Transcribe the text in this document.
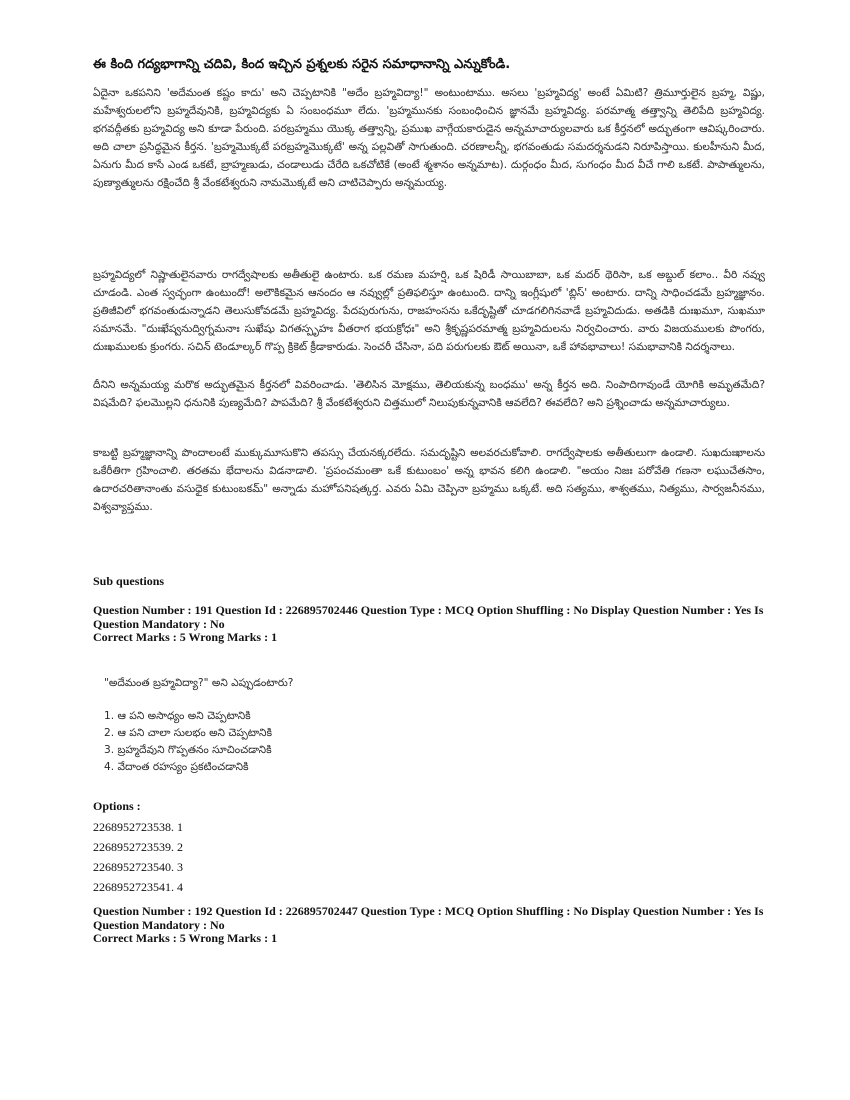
ఈ కింది గద్యభాగాన్ని చదివి, కింద ఇచ్చిన ప్రశ్నలకు సరైన సమాధానాన్ని ఎన్నుకోండి.
ఏదైనా ఒకపనిని 'అదేమంత కష్టం కాదు' అని చెప్పటానికి "అదేం బ్రహ్మవిద్యా!" అంటుంటాము. అసలు 'బ్రహ్మవిద్య' అంటే ఏమిటి? త్రిమూర్తులైన బ్రహ్మ, విష్ణు, మహేశ్వరులలోని బ్రహ్మదేవునికి, బ్రహ్మవిద్యకు ఏ సంబంధమూ లేదు. 'బ్రహ్మమునకు సంబంధించిన జ్ఞానమే బ్రహ్మవిద్య. పరమాత్మ తత్త్వాన్ని తెలిపేది బ్రహ్మవిద్య. భగవద్గీతకు బ్రహ్మవిద్య అని కూడా పేరుంది. పరబ్రహ్మము యొక్క తత్త్వాన్ని, ప్రముఖ వాగ్గేయకారుడైన అన్నమాచార్యులవారు ఒక కీర్తనలో అద్భుతంగా ఆవిష్కరించారు. అది చాలా ప్రసిద్ధమైన కీర్తన. 'బ్రహ్మమొక్కటే పరబ్రహ్మమొక్కటే' అన్న పల్లవితో సాగుతుంది. చరణాలన్నీ, భగవంతుడు సమదర్శనుడని నిరూపిస్తాయి. కులహీనుని మీద, ఏనుగు మీద కాసే ఎండ ఒకటే, బ్రాహ్మణుడు, చండాలుడు చేరేది ఒకచోటికే (అంటే శ్మశానం అన్నమాట). దుర్గంధం మీద, సుగంధం మీద వీచే గాలి ఒకటే. పాపాత్ములను, పుణ్యాత్ములను రక్షించేది శ్రీ వేంకటేశ్వరుని నామమొక్కటే అని చాటిచెప్పారు అన్నమయ్య.
బ్రహ్మవిద్యలో నిష్ణాతులైనవారు రాగద్వేషాలకు అతీతులై ఉంటారు. ఒక రమణ మహర్షి, ఒక షిరిడీ సాయిబాబా, ఒక మదర్ థెరిసా, ఒక అబ్దుల్ కలాం.. వీరి నవ్వు చూడండి. ఎంత స్వచ్ఛంగా ఉంటుందో! అలౌకికమైన ఆనందం ఆ నవ్వుల్లో ప్రతిఫలిస్తూ ఉంటుంది. దాన్ని ఇంగ్లీషులో 'బ్లిస్' అంటారు. దాన్ని సాధించడమే బ్రహ్మజ్ఞానం. ప్రతిజీవిలో భగవంతుడున్నాడని తెలుసుకోవడమే బ్రహ్మవిద్య. పేదపురుగును, రాజహంసను ఒకేదృష్టితో చూడగలిగినవాడే బ్రహ్మవిదుడు. అతడికి దుఃఖమూ, సుఖమూ సమానమే. "దుఃఖేష్వనుద్విగ్నమనాః సుఖేషు విగతస్పృహః వీతరాగ భయక్రోధః" అని శ్రీకృష్ణపరమాత్మ బ్రహ్మవిదులను నిర్వచించారు. వారు విజయములకు పొంగరు, దుఃఖములకు క్రుంగరు. సచిన్ టెండూల్కర్ గొప్ప క్రికెట్ క్రీడాకారుడు. సెంచరీ చేసినా, పది పరుగులకు ఔట్ అయినా, ఒకే హావభావాలు! సమభావానికి నిదర్శనాలు.
దీనిని అన్నమయ్య మరొక అద్భుతమైన కీర్తనలో వివరించాడు. 'తెలిసిన మోక్షము, తెలియకున్న బంధము' అన్న కీర్తన అది. నింపాదిగావుండే యోగికి అమృతమేది? విషమేది? ఫలమొల్లని ధనునికి పుణ్యమేది? పాపమేది? శ్రీ వేంకటేశ్వరుని చిత్తములో నిలుపుకున్నవానికి ఆవలేది? ఈవలేది? అని ప్రశ్నించాడు అన్నమాచార్యులు.
కాబట్టి బ్రహ్మజ్ఞానాన్ని పొందాలంటే ముక్కుమూసుకొని తపస్సు చేయనక్కరలేదు. సమదృష్టిని అలవరచుకోవాలి. రాగద్వేషాలకు అతీతులుగా ఉండాలి. సుఖదుఃఖాలను ఒకేరీతిగా గ్రహించాలి. తరతమ భేదాలను విడనాడాలి. 'ప్రపంచమంతా ఒకే కుటుంబం' అన్న భావన కలిగి ఉండాలి. "అయం నిజః పరోవేతి గణనా లఘుచేతసాం, ఉదారచరితానాంతు వసుధైక కుటుంబకమ్" అన్నాడు మహోపనిషత్కర్త. ఎవరు ఏమి చెప్పినా బ్రహ్మము ఒక్కటే. అది సత్యము, శాశ్వతము, నిత్యము, సార్వజనీనము, విశ్వవ్యాప్తము.
Sub questions
Question Number : 191 Question Id : 226895702446 Question Type : MCQ Option Shuffling : No Display Question Number : Yes Is
Question Mandatory : No
Correct Marks : 5 Wrong Marks : 1
"అదేమంత బ్రహ్మవిద్యా?" అని ఎప్పుడంటారు?
1. ఆ పని అసాధ్యం అని చెప్పటానికి
2. ఆ పని చాలా సులభం అని చెప్పటానికి
3. బ్రహ్మదేవుని గొప్పతనం సూచించడానికి
4. వేదాంత రహస్యం ప్రకటించడానికి
Options :
2268952723538. 1
2268952723539. 2
2268952723540. 3
2268952723541. 4
Question Number : 192 Question Id : 226895702447 Question Type : MCQ Option Shuffling : No Display Question Number : Yes Is
Question Mandatory : No
Correct Marks : 5 Wrong Marks : 1
